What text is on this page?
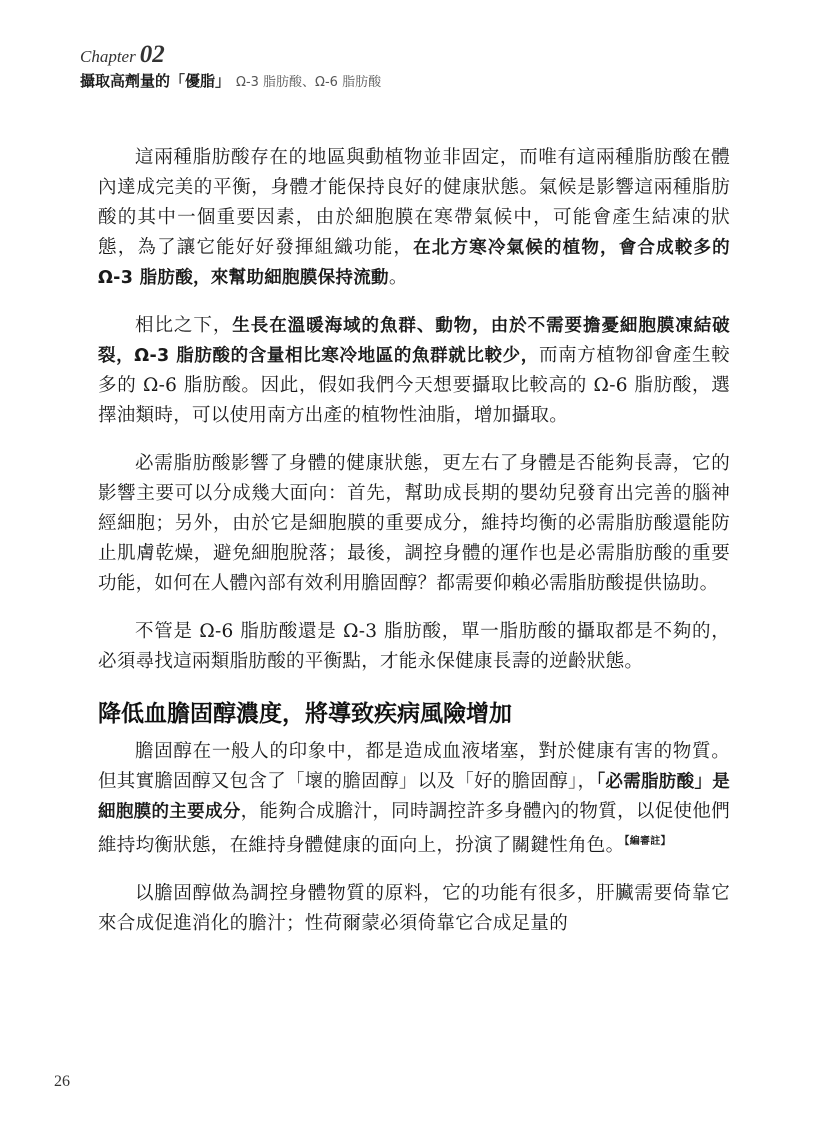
Chapter 02
攝取高劑量的「優脂」 Ω-3 脂肪酸、Ω-6 脂肪酸

這兩種脂肪酸存在的地區與動植物並非固定，而唯有這兩種脂肪酸在體內達成完美的平衡，身體才能保持良好的健康狀態。氣候是影響這兩種脂肪酸的其中一個重要因素，由於細胞膜在寒帶氣候中，可能會產生結凍的狀態，為了讓它能好好發揮組織功能，在北方寒冷氣候的植物，會合成較多的 Ω-3 脂肪酸，來幫助細胞膜保持流動。

相比之下，生長在溫暖海域的魚群、動物，由於不需要擔憂細胞膜凍結破裂，Ω-3 脂肪酸的含量相比寒冷地區的魚群就比較少，而南方植物卻會產生較多的 Ω-6 脂肪酸。因此，假如我們今天想要攝取比較高的 Ω-6 脂肪酸，選擇油類時，可以使用南方出產的植物性油脂，增加攝取。

必需脂肪酸影響了身體的健康狀態，更左右了身體是否能夠長壽，它的影響主要可以分成幾大面向：首先，幫助成長期的嬰幼兒發育出完善的腦神經細胞；另外，由於它是細胞膜的重要成分，維持均衡的必需脂肪酸還能防止肌膚乾燥，避免細胞脫落；最後，調控身體的運作也是必需脂肪酸的重要功能，如何在人體內部有效利用膽固醇？都需要仰賴必需脂肪酸提供協助。

不管是 Ω-6 脂肪酸還是 Ω-3 脂肪酸，單一脂肪酸的攝取都是不夠的，必須尋找這兩類脂肪酸的平衡點，才能永保健康長壽的逆齡狀態。

降低血膽固醇濃度，將導致疾病風險增加

膽固醇在一般人的印象中，都是造成血液堵塞，對於健康有害的物質。但其實膽固醇又包含了「壞的膽固醇」以及「好的膽固醇」，「必需脂肪酸」是細胞膜的主要成分，能夠合成膽汁，同時調控許多身體內的物質，以促使他們維持均衡狀態，在維持身體健康的面向上，扮演了關鍵性角色。$^{【編審註】}$

以膽固醇做為調控身體物質的原料，它的功能有很多，肝臟需要倚靠它來合成促進消化的膽汁；性荷爾蒙必須倚靠它合成足量的

26
